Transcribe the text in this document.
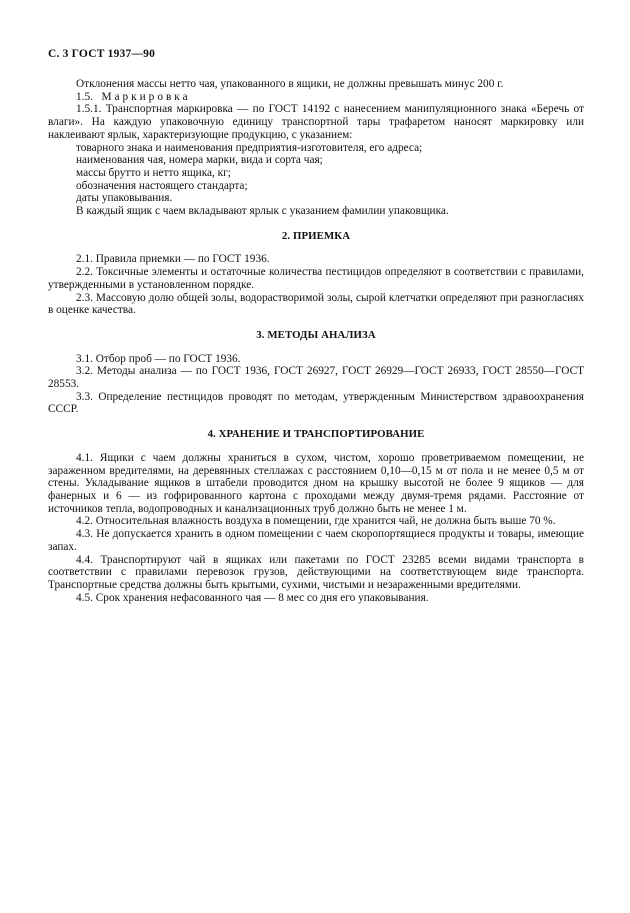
С. 3 ГОСТ 1937—90

Отклонения массы нетто чая, упакованного в ящики, не должны превышать минус 200 г.

1.5. Маркировка

1.5.1. Транспортная маркировка — по ГОСТ 14192 с нанесением манипуляционного знака «Беречь от влаги». На каждую упаковочную единицу транспортной тары трафаретом наносят маркировку или наклеивают ярлык, характеризующие продукцию, с указанием:

товарного знака и наименования предприятия-изготовителя, его адреса;

наименования чая, номера марки, вида и сорта чая;

массы брутто и нетто ящика, кг;

обозначения настоящего стандарта;

даты упаковывания.

В каждый ящик с чаем вкладывают ярлык с указанием фамилии упаковщика.

2. ПРИЕМКА

2.1. Правила приемки — по ГОСТ 1936.

2.2. Токсичные элементы и остаточные количества пестицидов определяют в соответствии с правилами, утвержденными в установленном порядке.

2.3. Массовую долю общей золы, водорастворимой золы, сырой клетчатки определяют при разногласиях в оценке качества.

3. МЕТОДЫ АНАЛИЗА

3.1. Отбор проб — по ГОСТ 1936.

3.2. Методы анализа — по ГОСТ 1936, ГОСТ 26927, ГОСТ 26929—ГОСТ 26933, ГОСТ 28550—ГОСТ 28553.

3.3. Определение пестицидов проводят по методам, утвержденным Министерством здравоохранения СССР.

4. ХРАНЕНИЕ И ТРАНСПОРТИРОВАНИЕ

4.1. Ящики с чаем должны храниться в сухом, чистом, хорошо проветриваемом помещении, не зараженном вредителями, на деревянных стеллажах с расстоянием 0,10—0,15 м от пола и не менее 0,5 м от стены. Укладывание ящиков в штабели проводится дном на крышку высотой не более 9 ящиков — для фанерных и 6 — из гофрированного картона с проходами между двумя-тремя рядами. Расстояние от источников тепла, водопроводных и канализационных труб должно быть не менее 1 м.

4.2. Относительная влажность воздуха в помещении, где хранится чай, не должна быть выше 70 %.

4.3. Не допускается хранить в одном помещении с чаем скоропортящиеся продукты и товары, имеющие запах.

4.4. Транспортируют чай в ящиках или пакетами по ГОСТ 23285 всеми видами транспорта в соответствии с правилами перевозок грузов, действующими на соответствующем виде транспорта. Транспортные средства должны быть крытыми, сухими, чистыми и незараженными вредителями.

4.5. Срок хранения нефасованного чая — 8 мес со дня его упаковывания.
